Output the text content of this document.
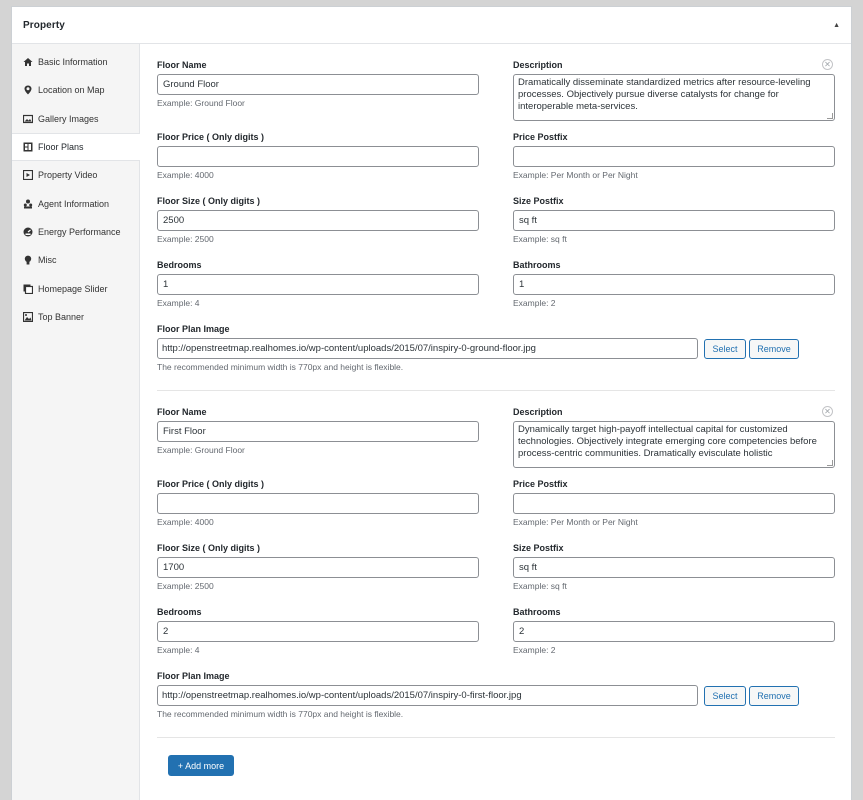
Property	▲
Basic Information
Location on Map
Gallery Images
Floor Plans
Property Video
Agent Information
Energy Performance
Misc
Homepage Slider
Top Banner
✕
Floor Name
Ground Floor
Example: Ground Floor
Description
Dramatically disseminate standardized metrics after resource-leveling processes. Objectively pursue diverse catalysts for change for interoperable meta-services.
Floor Price ( Only digits )
Example: 4000
Price Postfix
Example: Per Month or Per Night
Floor Size ( Only digits )
2500
Example: 2500
Size Postfix
sq ft
Example: sq ft
Bedrooms
1
Example: 4
Bathrooms
1
Example: 2
Floor Plan Image
http://openstreetmap.realhomes.io/wp-content/uploads/2015/07/inspiry-0-ground-floor.jpg	Select	Remove
The recommended minimum width is 770px and height is flexible.
✕
Floor Name
First Floor
Example: Ground Floor
Description
Dynamically target high-payoff intellectual capital for customized technologies. Objectively integrate emerging core competencies before process-centric communities. Dramatically evisculate holistic
Floor Price ( Only digits )
Example: 4000
Price Postfix
Example: Per Month or Per Night
Floor Size ( Only digits )
1700
Example: 2500
Size Postfix
sq ft
Example: sq ft
Bedrooms
2
Example: 4
Bathrooms
2
Example: 2
Floor Plan Image
http://openstreetmap.realhomes.io/wp-content/uploads/2015/07/inspiry-0-first-floor.jpg	Select	Remove
The recommended minimum width is 770px and height is flexible.
+ Add more
